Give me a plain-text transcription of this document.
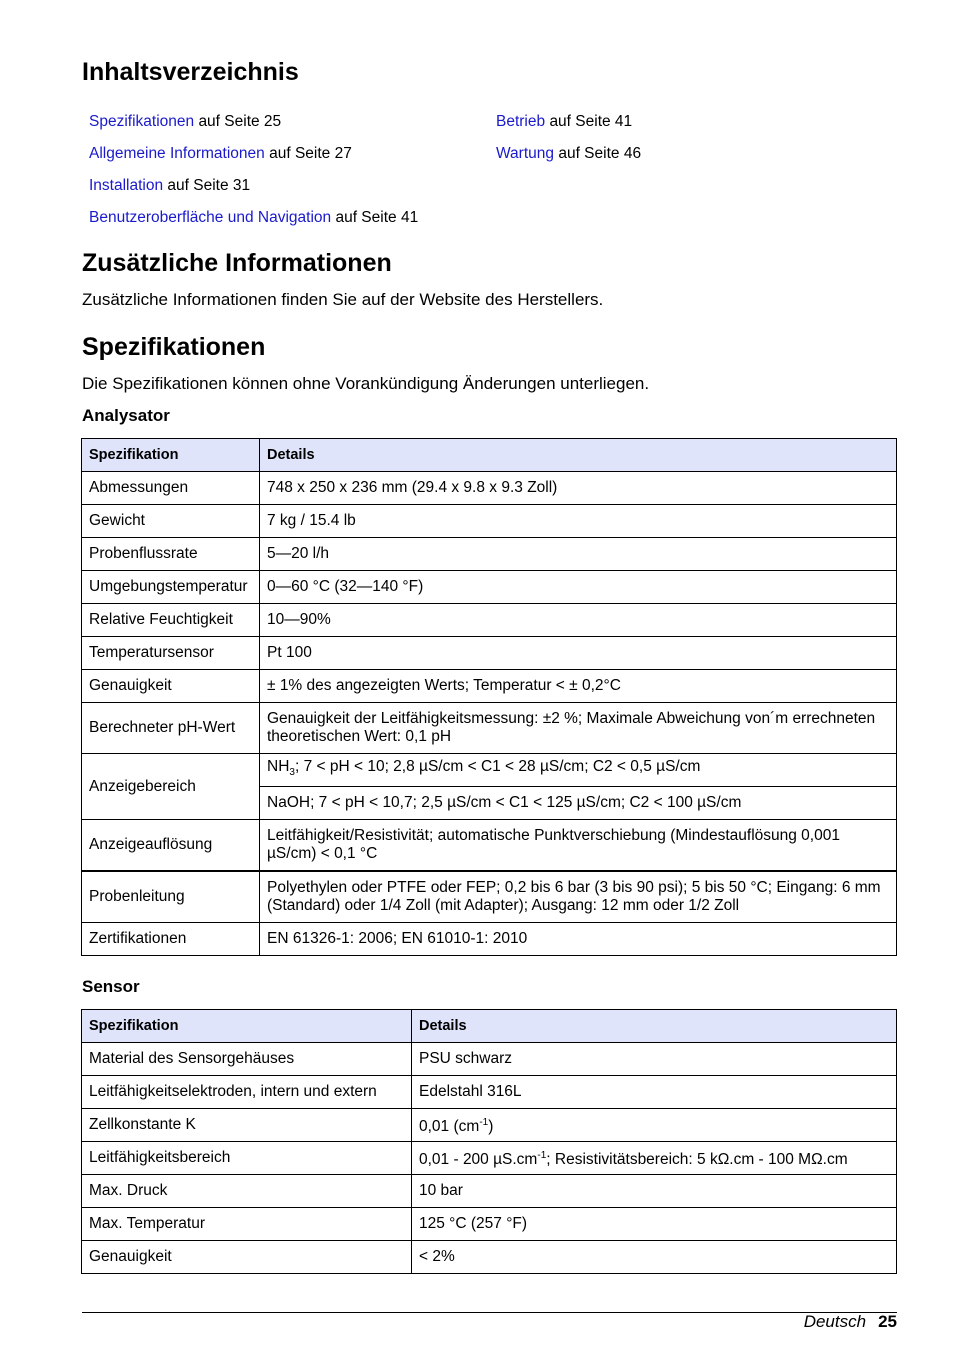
Inhaltsverzeichnis
Spezifikationen auf Seite 25
Allgemeine Informationen auf Seite 27
Installation auf Seite 31
Benutzeroberfläche und Navigation auf Seite 41
Betrieb auf Seite 41
Wartung auf Seite 46
Zusätzliche Informationen

Zusätzliche Informationen finden Sie auf der Website des Herstellers.

Spezifikationen

Die Spezifikationen können ohne Vorankündigung Änderungen unterliegen.

Analysator
Spezifikation	Details
Abmessungen	748 x 250 x 236 mm (29.4 x 9.8 x 9.3 Zoll)
Gewicht	7 kg / 15.4 lb
Probenflussrate	5—20 l/h
Umgebungstemperatur	0—60 °C (32—140 °F)
Relative Feuchtigkeit	10—90%
Temperatursensor	Pt 100
Genauigkeit	± 1% des angezeigten Werts; Temperatur < ± 0,2°C
Berechneter pH-Wert	Genauigkeit der Leitfähigkeitsmessung: ±2 %; Maximale Abweichung von´m errechneten theoretischen Wert: 0,1 pH
Anzeigebereich	$NH_3$; 7 < pH < 10; 2,8 µS/cm < C1 < 28 µS/cm; C2 < 0,5 µS/cm
	NaOH; 7 < pH < 10,7; 2,5 µS/cm < C1 < 125 µS/cm; C2 < 100 µS/cm
Anzeigeauflösung	Leitfähigkeit/Resistivität; automatische Punktverschiebung (Mindestauflösung 0,001 µS/cm) < 0,1 °C
Probenleitung	Polyethylen oder PTFE oder FEP; 0,2 bis 6 bar (3 bis 90 psi); 5 bis 50 °C; Eingang: 6 mm (Standard) oder 1/4 Zoll (mit Adapter); Ausgang: 12 mm oder 1/2 Zoll
Zertifikationen	EN 61326-1: 2006; EN 61010-1: 2010
Sensor
Spezifikation	Details
Material des Sensorgehäuses	PSU schwarz
Leitfähigkeitselektroden, intern und extern	Edelstahl 316L
Zellkonstante K	0,01 $(cm^{-1})$
Leitfähigkeitsbereich	0,01 - 200 $\mu S.cm^{-1}$; Resistivitätsbereich: 5 kΩ.cm - 100 MΩ.cm
Max. Druck	10 bar
Max. Temperatur	125 °C (257 °F)
Genauigkeit	< 2%
Deutsch 25
